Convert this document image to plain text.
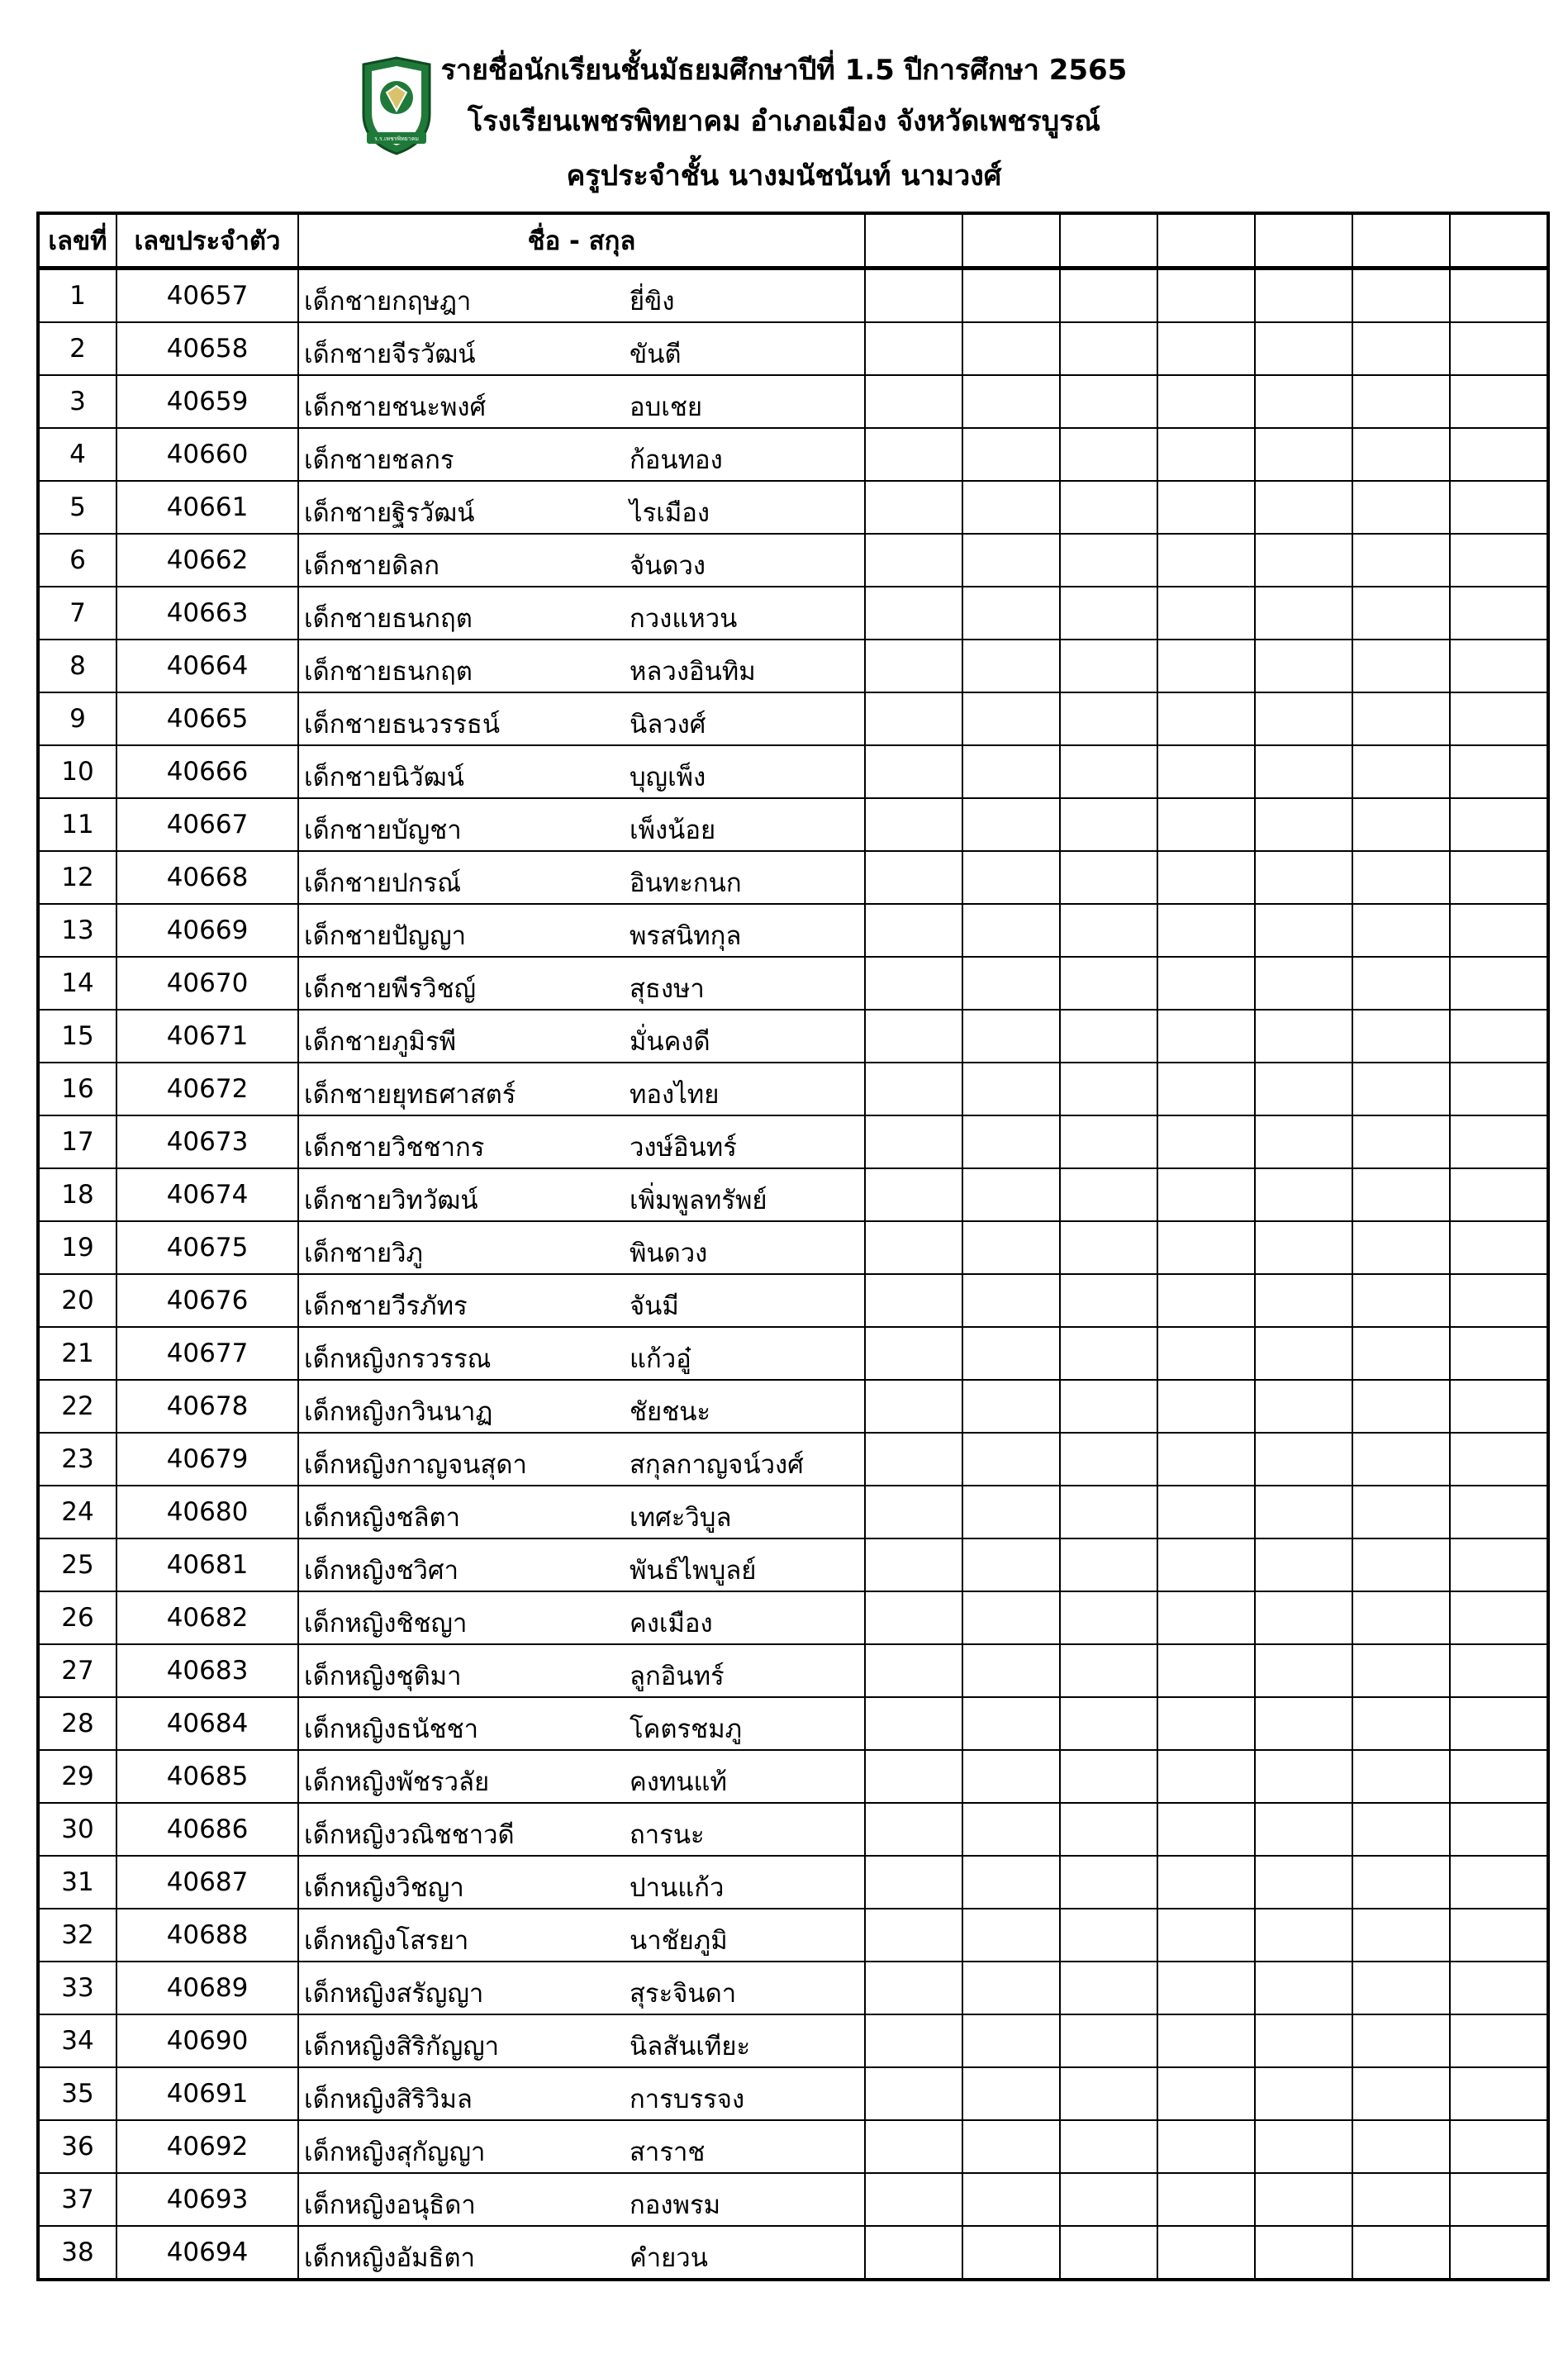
ร.ร.เพชรพิทยาคม
รายชื่อนักเรียนชั้นมัธยมศึกษาปีที่ 1.5 ปีการศึกษา 2565
โรงเรียนเพชรพิทยาคม อำเภอเมือง จังหวัดเพชรบูรณ์
ครูประจำชั้น นางมนัชนันท์ นามวงศ์
เลขที่	เลขประจำตัว	ชื่อ - สกุล							
1	40657	เด็กชายกฤษฎา ยี่ขิง							

2	40658	เด็กชายจีรวัฒน์ ขันตี							

3	40659	เด็กชายชนะพงศ์ อบเชย							

4	40660	เด็กชายชลกร ก้อนทอง							

5	40661	เด็กชายฐิรวัฒน์ ไรเมือง							

6	40662	เด็กชายดิลก จันดวง							

7	40663	เด็กชายธนกฤต กวงแหวน							

8	40664	เด็กชายธนกฤต หลวงอินทิม							

9	40665	เด็กชายธนวรรธน์ นิลวงศ์							

10	40666	เด็กชายนิวัฒน์ บุญเพ็ง							

11	40667	เด็กชายบัญชา เพ็งน้อย							

12	40668	เด็กชายปกรณ์ อินทะกนก							

13	40669	เด็กชายปัญญา พรสนิทกุล							

14	40670	เด็กชายพีรวิชญ์ สุธงษา							

15	40671	เด็กชายภูมิรพี มั่นคงดี							

16	40672	เด็กชายยุทธศาสตร์ ทองไทย							

17	40673	เด็กชายวิชชากร วงษ์อินทร์							

18	40674	เด็กชายวิทวัฒน์ เพิ่มพูลทรัพย์							

19	40675	เด็กชายวิภู พินดวง							

20	40676	เด็กชายวีรภัทร จันมี							

21	40677	เด็กหญิงกรวรรณ แก้วอู๋							

22	40678	เด็กหญิงกวินนาฏ ชัยชนะ							

23	40679	เด็กหญิงกาญจนสุดา สกุลกาญจน์วงศ์							

24	40680	เด็กหญิงชลิตา เทศะวิบูล							

25	40681	เด็กหญิงชวิศา พันธ์ไพบูลย์							

26	40682	เด็กหญิงชิชญา คงเมือง							

27	40683	เด็กหญิงชุติมา ลูกอินทร์							

28	40684	เด็กหญิงธนัชชา โคตรชมภู							

29	40685	เด็กหญิงพัชรวลัย คงทนแท้							

30	40686	เด็กหญิงวณิชชาวดี ถารนะ							

31	40687	เด็กหญิงวิชญา ปานแก้ว							

32	40688	เด็กหญิงโสรยา นาชัยภูมิ							

33	40689	เด็กหญิงสรัญญา สุระจินดา							

34	40690	เด็กหญิงสิริกัญญา นิลสันเทียะ							

35	40691	เด็กหญิงสิริวิมล การบรรจง							

36	40692	เด็กหญิงสุกัญญา สาราช							

37	40693	เด็กหญิงอนุธิดา กองพรม							

38	40694	เด็กหญิงอัมธิตา คำยวน							
